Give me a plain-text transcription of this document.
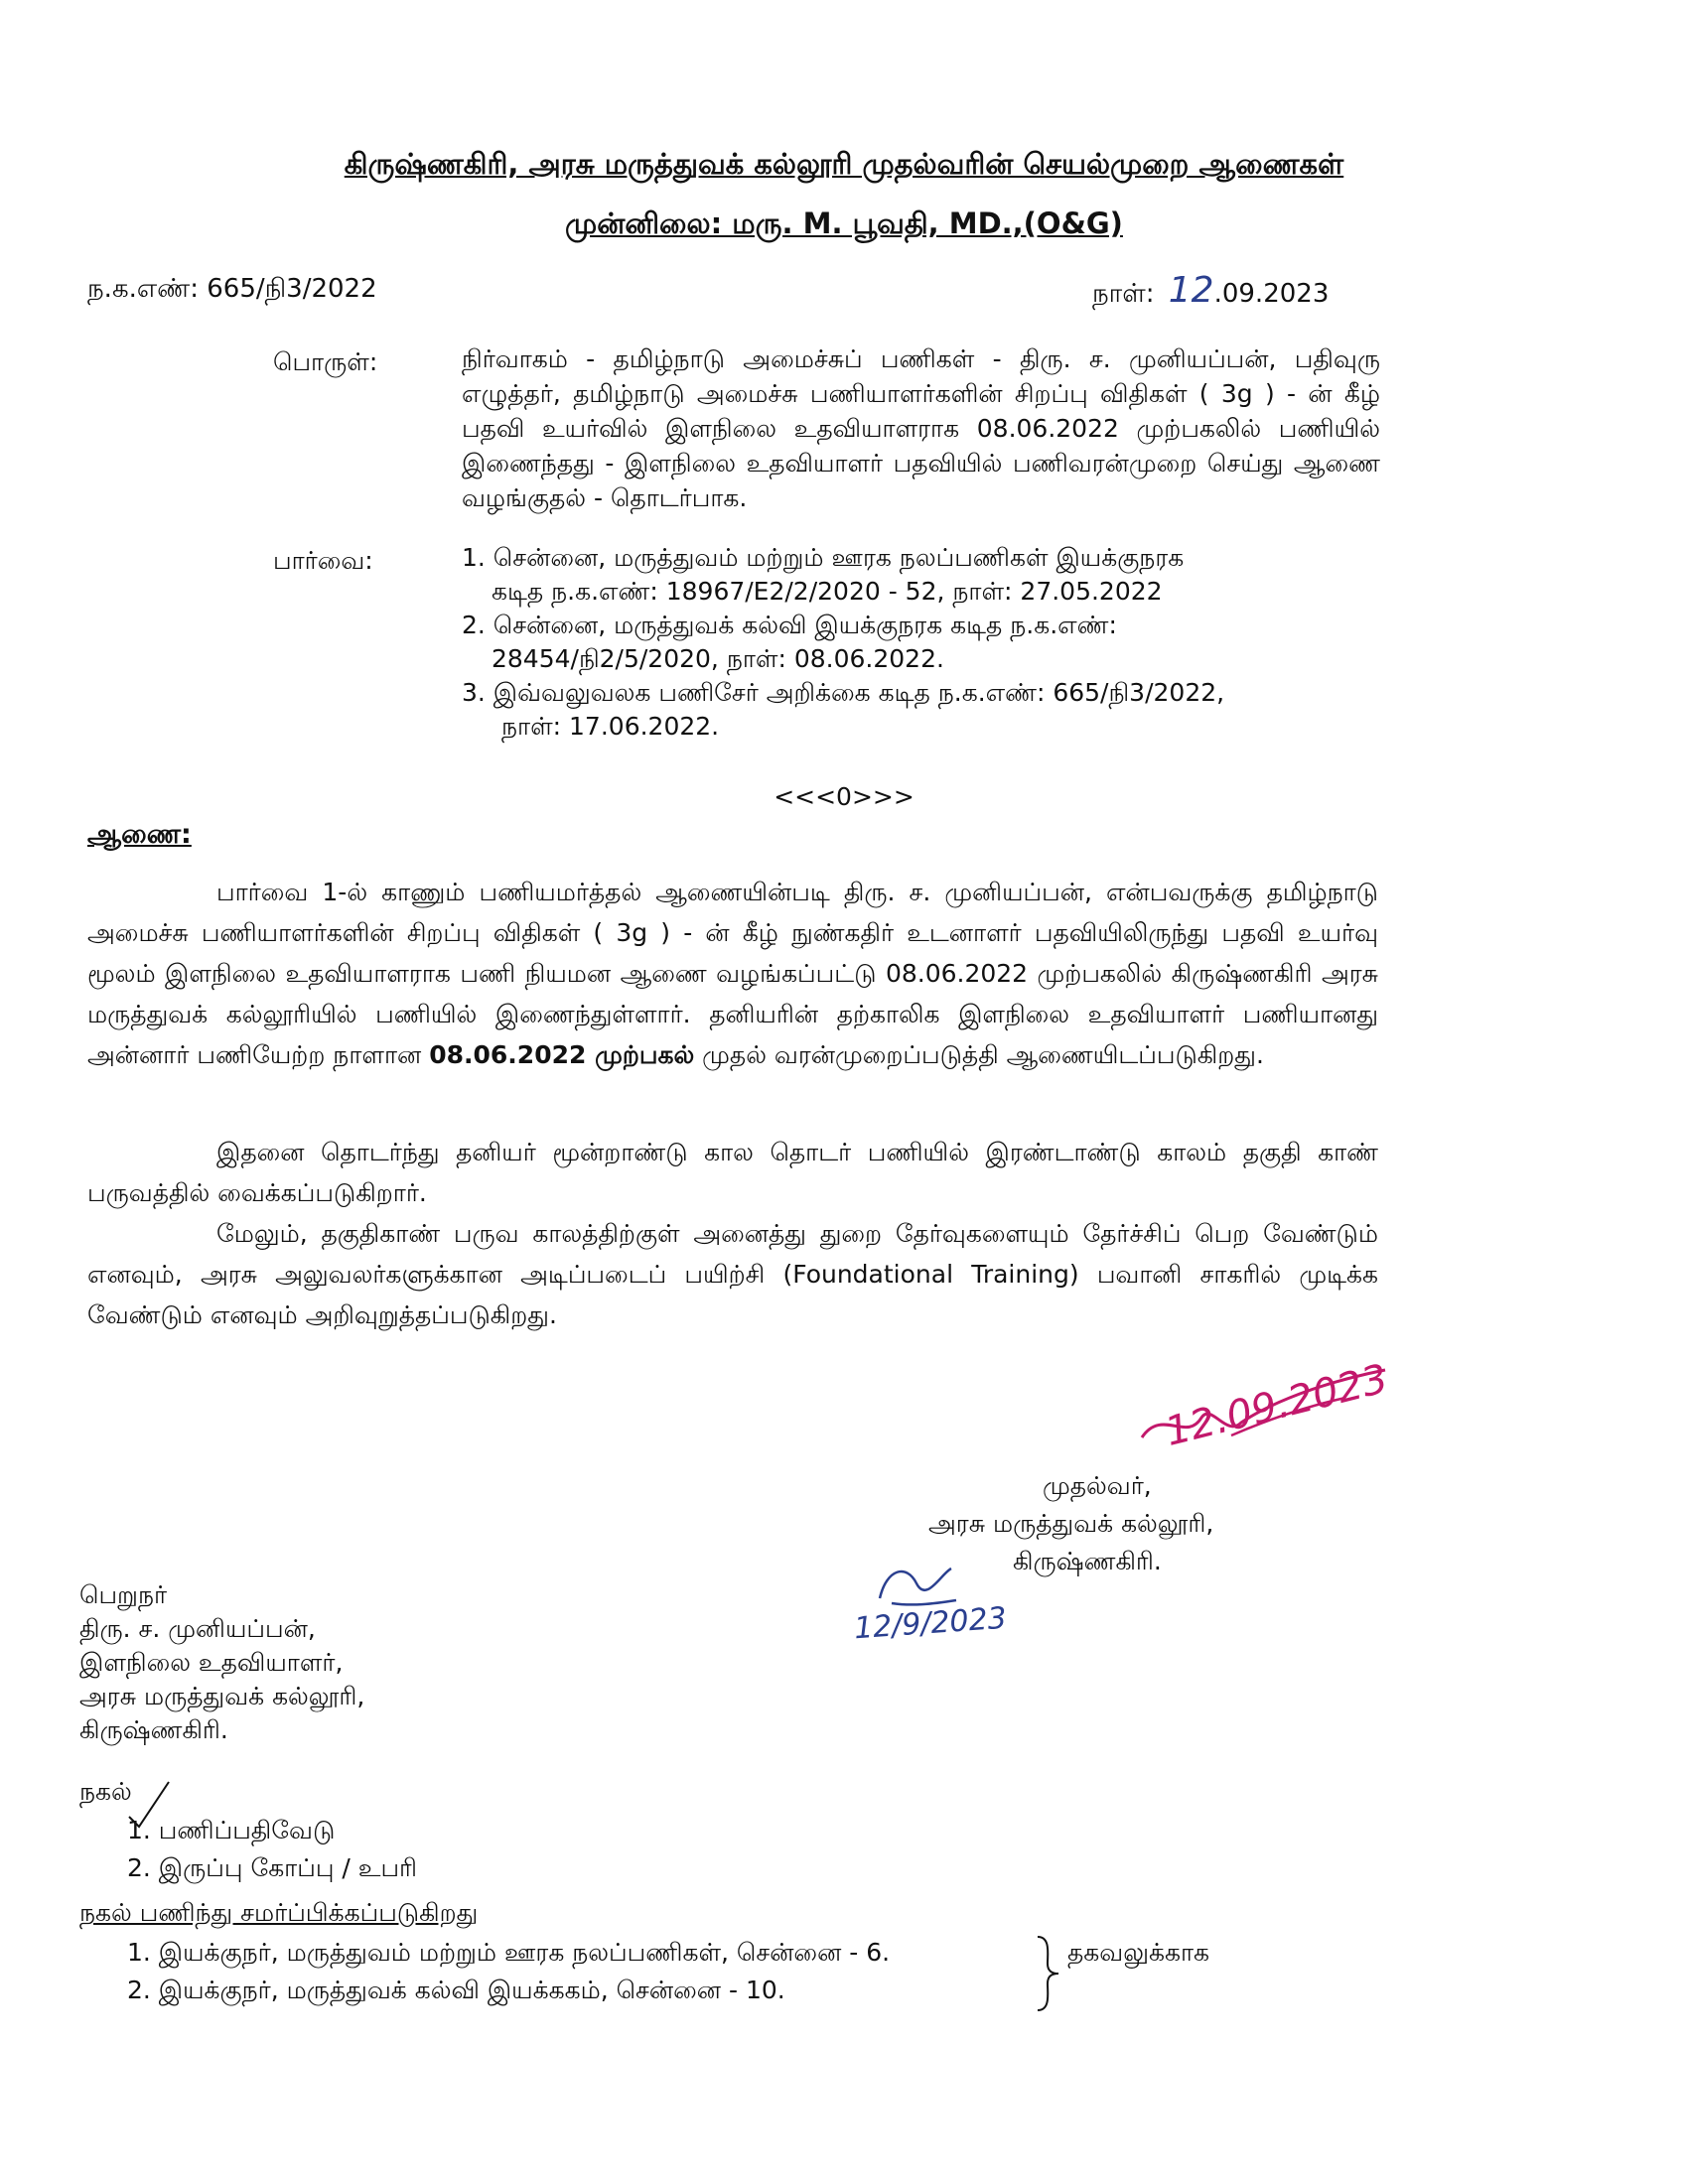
கிருஷ்ணகிரி, அரசு மருத்துவக் கல்லூரி முதல்வரின் செயல்முறை ஆணைகள்
முன்னிலை: மரு. M. பூவதி, MD.,(O&G)
ந.க.எண்: 665/நி3/2022	நாள்: 12.09.2023
பொருள்:	நிர்வாகம் - தமிழ்நாடு அமைச்சுப் பணிகள் - திரு. ச. முனியப்பன், பதிவுரு எழுத்தர், தமிழ்நாடு அமைச்சு பணியாளர்களின் சிறப்பு விதிகள் ( 3g ) - ன் கீழ் பதவி உயர்வில் இளநிலை உதவியாளராக 08.06.2022 முற்பகலில் பணியில் இணைந்தது - இளநிலை உதவியாளர் பதவியில் பணிவரன்முறை செய்து ஆணை வழங்குதல் - தொடர்பாக.
பார்வை:	1. சென்னை, மருத்துவம் மற்றும் ஊரக நலப்பணிகள் இயக்குநரக
கடித ந.க.எண்: 18967/E2/2/2020 - 52, நாள்: 27.05.2022
2. சென்னை, மருத்துவக் கல்வி இயக்குநரக கடித ந.க.எண்:
28454/நி2/5/2020, நாள்: 08.06.2022.
3. இவ்வலுவலக பணிசேர் அறிக்கை கடித ந.க.எண்: 665/நி3/2022,
நாள்: 17.06.2022.
<<<0>>>
ஆணை:
பார்வை 1-ல் காணும் பணியமர்த்தல் ஆணையின்படி திரு. ச. முனியப்பன், என்பவருக்கு தமிழ்நாடு அமைச்சு பணியாளர்களின் சிறப்பு விதிகள் ( 3g ) - ன் கீழ் நுண்கதிர் உடனாளர் பதவியிலிருந்து பதவி உயர்வு மூலம் இளநிலை உதவியாளராக பணி நியமன ஆணை வழங்கப்பட்டு 08.06.2022 முற்பகலில் கிருஷ்ணகிரி அரசு மருத்துவக் கல்லூரியில் பணியில் இணைந்துள்ளார். தனியரின் தற்காலிக இளநிலை உதவியாளர் பணியானது அன்னார் பணியேற்ற நாளான 08.06.2022 முற்பகல் முதல் வரன்முறைப்படுத்தி ஆணையிடப்படுகிறது.
இதனை தொடர்ந்து தனியர் மூன்றாண்டு கால தொடர் பணியில் இரண்டாண்டு காலம் தகுதி காண் பருவத்தில் வைக்கப்படுகிறார்.
மேலும், தகுதிகாண் பருவ காலத்திற்குள் அனைத்து துறை தேர்வுகளையும் தேர்ச்சிப் பெற வேண்டும் எனவும், அரசு அலுவலர்களுக்கான அடிப்படைப் பயிற்சி (Foundational Training) பவானி சாகரில் முடிக்க வேண்டும் எனவும் அறிவுறுத்தப்படுகிறது.
12.09.2023
முதல்வர்,
அரசு மருத்துவக் கல்லூரி,
கிருஷ்ணகிரி.
12/9/2023
பெறுநர்
திரு. ச. முனியப்பன்,
இளநிலை உதவியாளர்,
அரசு மருத்துவக் கல்லூரி,
கிருஷ்ணகிரி.
நகல்
1. பணிப்பதிவேடு
2. இருப்பு கோப்பு / உபரி
நகல் பணிந்து சமர்ப்பிக்கப்படுகிறது
1. இயக்குநர், மருத்துவம் மற்றும் ஊரக நலப்பணிகள், சென்னை - 6.
2. இயக்குநர், மருத்துவக் கல்வி இயக்ககம், சென்னை - 10.
தகவலுக்காக
